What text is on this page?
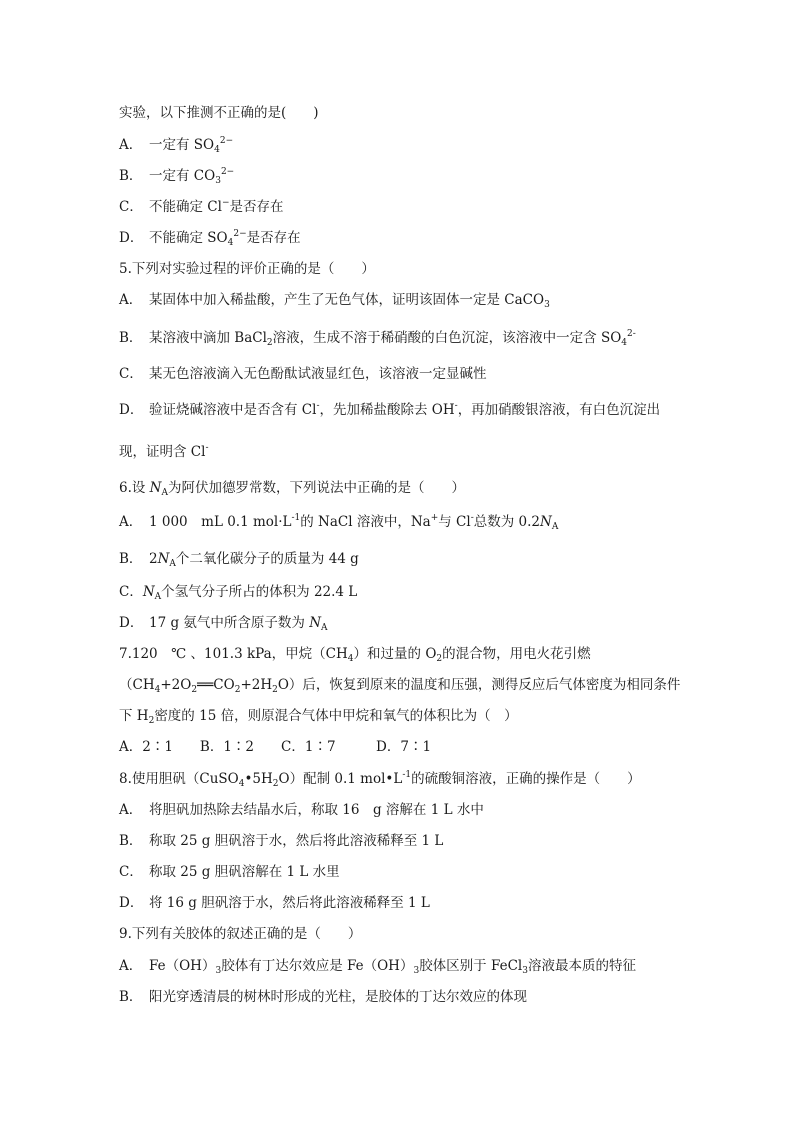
实验，以下推测不正确的是(　　)
A． 一定有 $SO_4^{2-}$
B． 一定有 $CO_3^{2-}$
C． 不能确定 Cl−是否存在
D． 不能确定 $SO_4^{2-}$是否存在
5.下列对实验过程的评价正确的是（　　）
A． 某固体中加入稀盐酸，产生了无色气体，证明该固体一定是 CaCO$_3$
B． 某溶液中滴加 BaCl$_2$溶液，生成不溶于稀硝酸的白色沉淀，该溶液中一定含 $SO_4^{2-}$
C． 某无色溶液滴入无色酚酞试液显红色，该溶液一定显碱性
D． 验证烧碱溶液中是否含有 Cl-，先加稀盐酸除去 OH-，再加硝酸银溶液，有白色沉淀出
现，证明含 Cl-
6.设 $N_A$为阿伏加德罗常数，下列说法中正确的是（　　）
A． 1 000　mL 0.1 $mol\cdot L^{-1}$的 NaCl 溶液中，Na+与 Cl-总数为 $0.2N_A$
B． $2N_A$个二氧化碳分子的质量为 44 g
C．$N_A$个氢气分子所占的体积为 22.4 L
D． 17 g 氨气中所含原子数为 $N_A$
7.120　℃ 、101.3 kPa，甲烷$(CH_4)$和过量的 $O_2$的混合物，用电火花引燃
$(CH_4+2O_2══CO_2+2H_2O)$后，恢复到原来的温度和压强，测得反应后气体密度为相同条件
下 $H_2$密度的 15 倍，则原混合气体中甲烷和氧气的体积比为（　）
A．2∶1　　B．1∶2　　C．1∶7　　　D．7∶1
8.使用胆矾$(CuSO_4•5H_2O)$配制 0.1 $mol•L^{-1}$的硫酸铜溶液，正确的操作是（　　）
A． 将胆矾加热除去结晶水后，称取 16　g 溶解在 1 L 水中
B． 称取 25 g 胆矾溶于水，然后将此溶液稀释至 1 L
C． 称取 25 g 胆矾溶解在 1 L 水里
D． 将 16 g 胆矾溶于水，然后将此溶液稀释至 1 L
9.下列有关胶体的叙述正确的是（　　）
A． $Fe(OH)_3$胶体有丁达尔效应是 $Fe(OH)_3$胶体区别于 FeCl$_3$溶液最本质的特征
B． 阳光穿透清晨的树林时形成的光柱，是胶体的丁达尔效应的体现
